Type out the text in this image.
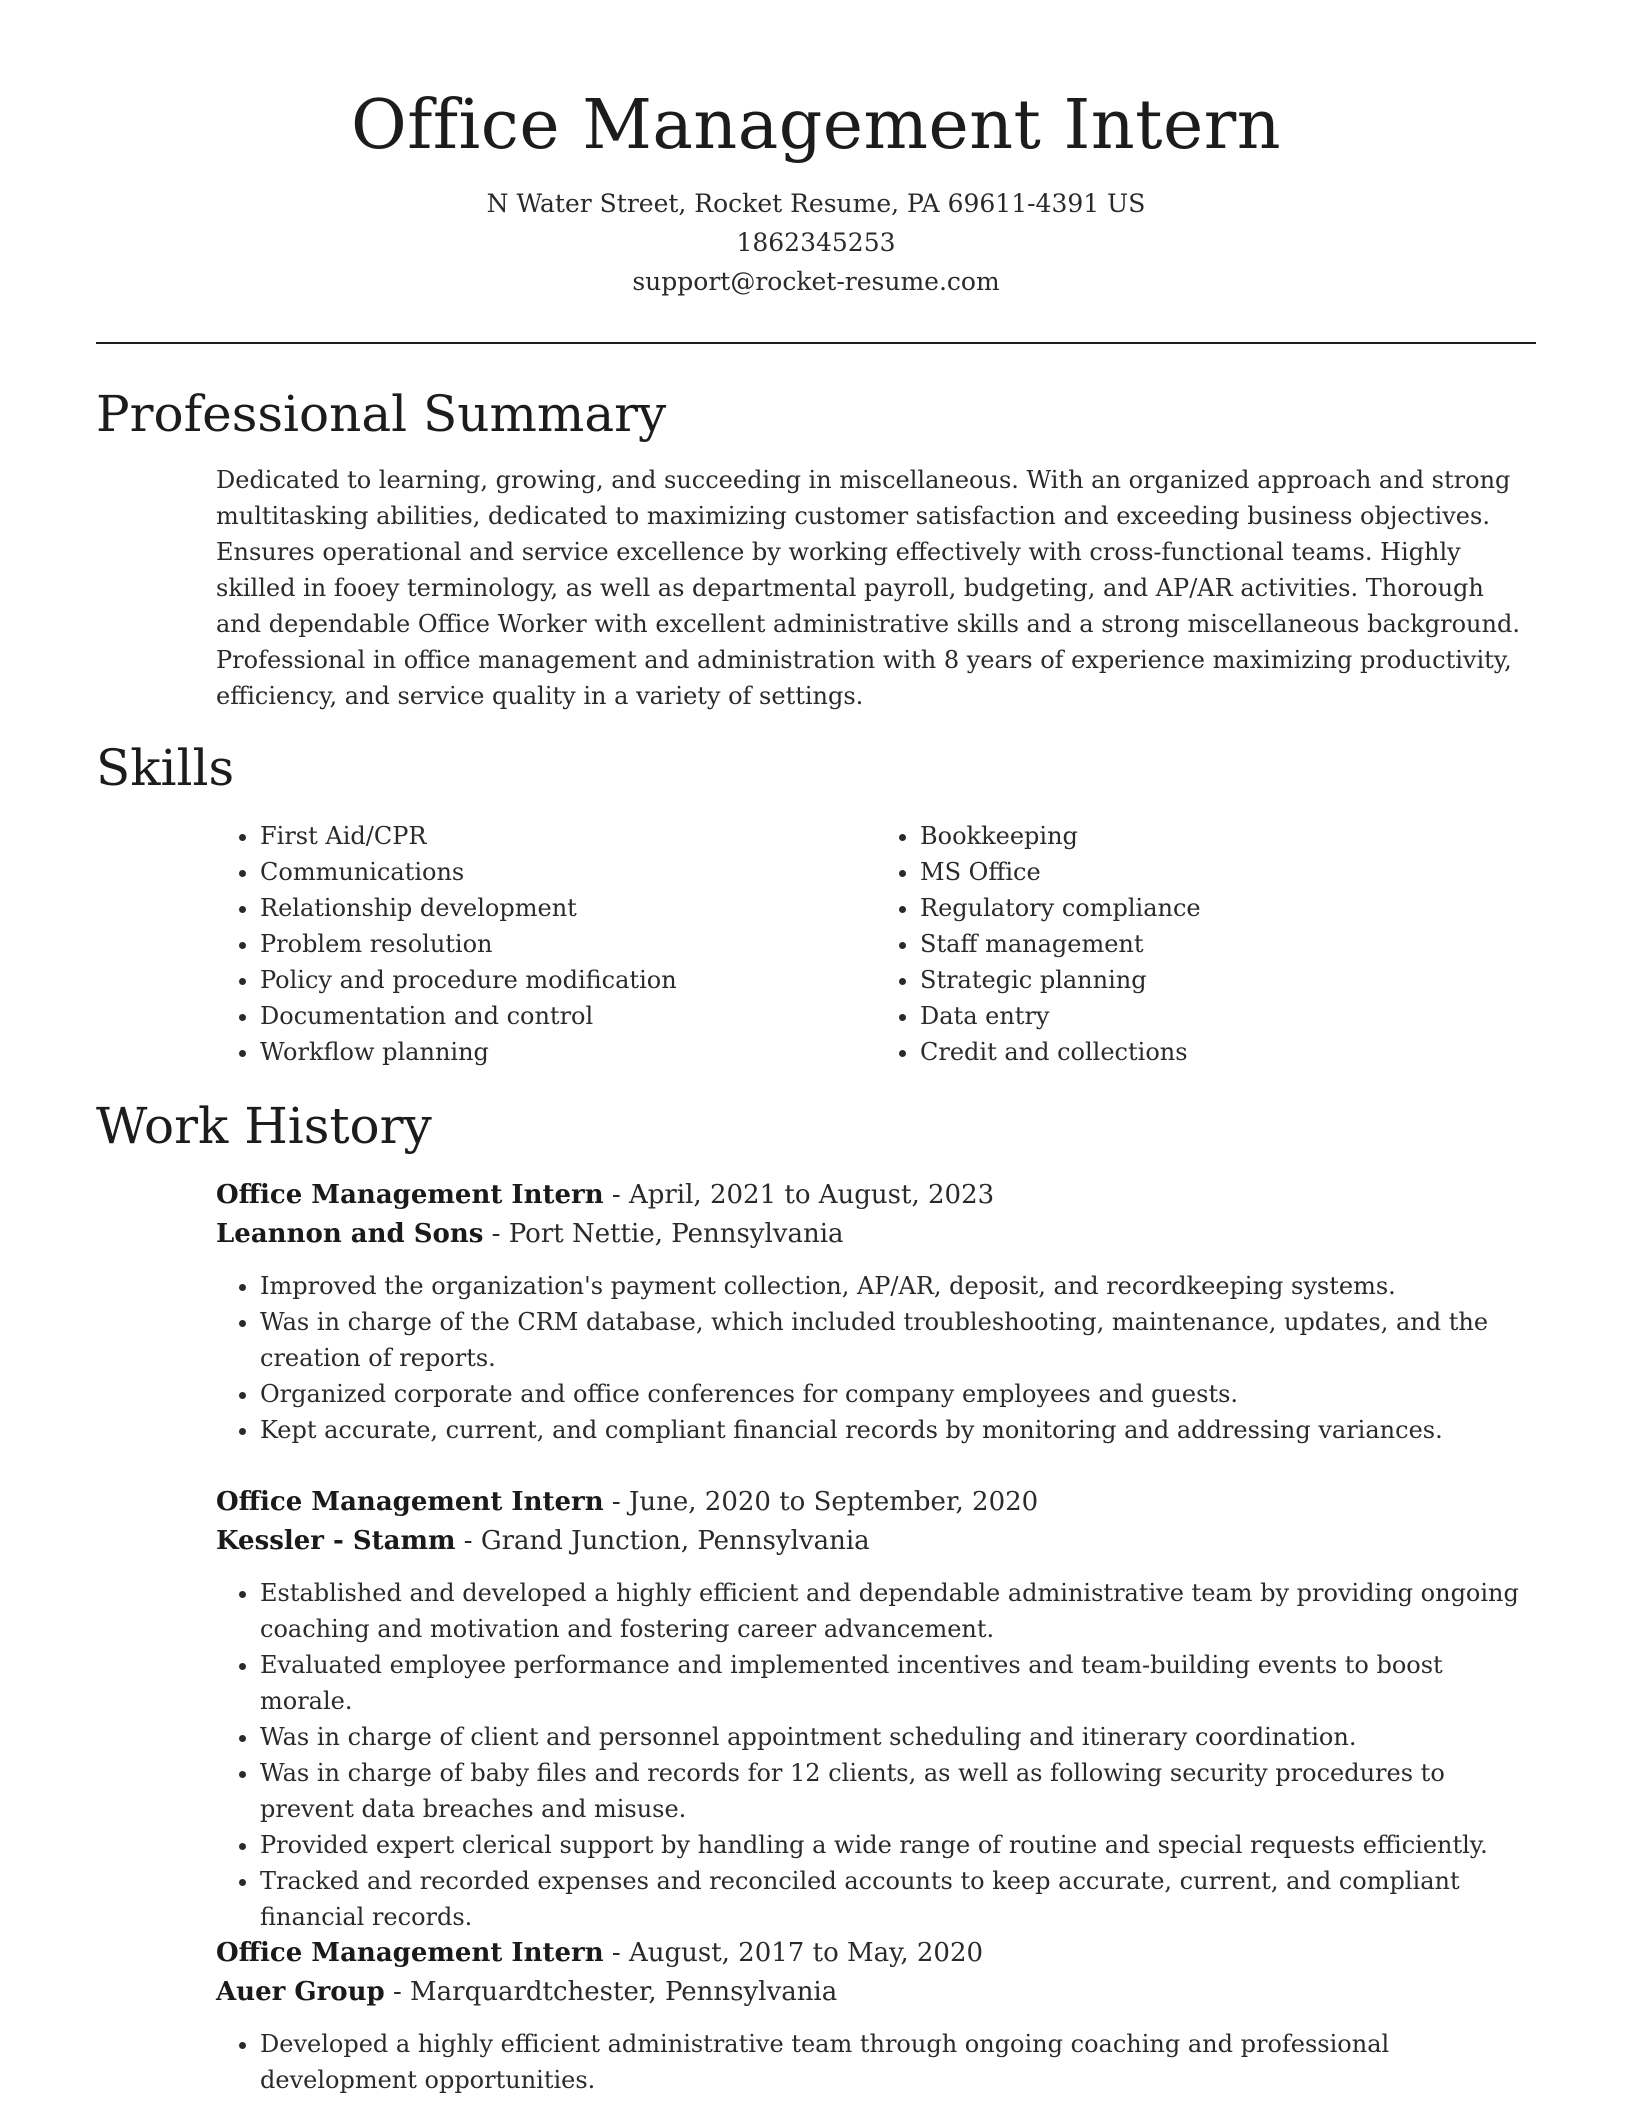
Office Management Intern
N Water Street, Rocket Resume, PA 69611-4391 US
1862345253
support@rocket-resume.com
Professional Summary

Dedicated to learning, growing, and succeeding in miscellaneous. With an organized approach and strong multitasking abilities, dedicated to maximizing customer satisfaction and exceeding business objectives. Ensures operational and service excellence by working effectively with cross-functional teams. Highly skilled in fooey terminology, as well as departmental payroll, budgeting, and AP/AR activities. Thorough and dependable Office Worker with excellent administrative skills and a strong miscellaneous background. Professional in office management and administration with 8 years of experience maximizing productivity, efficiency, and service quality in a variety of settings.

Skills
• First Aid/CPR
• Communications
• Relationship development
• Problem resolution
• Policy and procedure modification
• Documentation and control
• Workflow planning
• Bookkeeping
• MS Office
• Regulatory compliance
• Staff management
• Strategic planning
• Data entry
• Credit and collections
Work History

Office Management Intern - April, 2021 to August, 2023

Leannon and Sons - Port Nettie, Pennsylvania

• Improved the organization's payment collection, AP/AR, deposit, and recordkeeping systems.
• Was in charge of the CRM database, which included troubleshooting, maintenance, updates, and the creation of reports.
• Organized corporate and office conferences for company employees and guests.
• Kept accurate, current, and compliant financial records by monitoring and addressing variances.

Office Management Intern - June, 2020 to September, 2020

Kessler - Stamm - Grand Junction, Pennsylvania

• Established and developed a highly efficient and dependable administrative team by providing ongoing coaching and motivation and fostering career advancement.
• Evaluated employee performance and implemented incentives and team-building events to boost morale.
• Was in charge of client and personnel appointment scheduling and itinerary coordination.
• Was in charge of baby files and records for 12 clients, as well as following security procedures to prevent data breaches and misuse.
• Provided expert clerical support by handling a wide range of routine and special requests efficiently.
• Tracked and recorded expenses and reconciled accounts to keep accurate, current, and compliant financial records.

Office Management Intern - August, 2017 to May, 2020

Auer Group - Marquardtchester, Pennsylvania

• Developed a highly efficient administrative team through ongoing coaching and professional development opportunities.
